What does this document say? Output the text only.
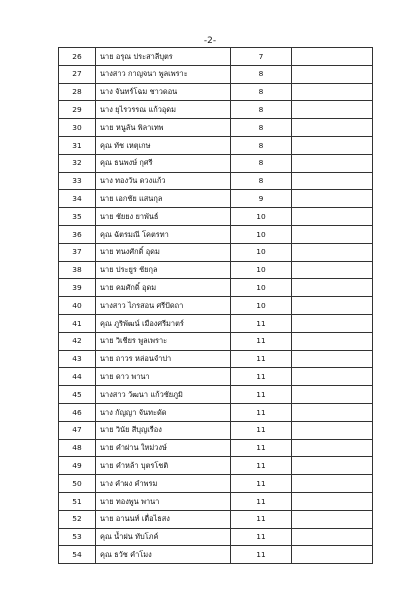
-2-
26	นาย อรุณ ประสาลีบุตร	7	
27	นางสาว กาญจนา พูลเพราะ	8	
28	นาง จันทร์โฉม ชาวดอน	8	
29	นาง ยุไรวรรณ แก้วอุดม	8	
30	นาย หนูลัน พิลาเทพ	8	
31	คุณ ทัช เหตุเกษ	8	
32	คุณ ธนพงษ์ กุศรี	8	
33	นาง ทองวัน ดวงแก้ว	8	
34	นาย เอกชัย แสนกุล	9	
35	นาย ชัยยง ยาพันธ์	10	
36	คุณ ฉัตรมณี โคตรทา	10	
37	นาย ทนงศักดิ์ อุดม	10	
38	นาย ประยูร ชัยกุล	10	
39	นาย คมศักดิ์ อุดม	10	
40	นางสาว ไกรสอน ศรีปัดถา	10	
41	คุณ ภูริพัฒน์ เมืองศรีมาตร์	11	
42	นาย วิเชียร พูลเพราะ	11	
43	นาย ถาวร หล่อนจำปา	11	
44	นาย ดาว พานา	11	
45	นางสาว วัฒนา แก้วชัยภูมิ	11	
46	นาง กัญญา จันทะดัด	11	
47	นาย วินัย สีบุญเรือง	11	
48	นาย คำผ่าน ใหม่วงษ์	11	
49	นาย คำหล้า บุตรโชติ	11	
50	นาง คำผง คำพรม	11	
51	นาย ทองพูน พานา	11	
52	นาย อานนท์ เตื่อไธสง	11	
53	คุณ น้ำฝน ทับโภค์	11	
54	คุณ ธวัช คำโมง	11	
